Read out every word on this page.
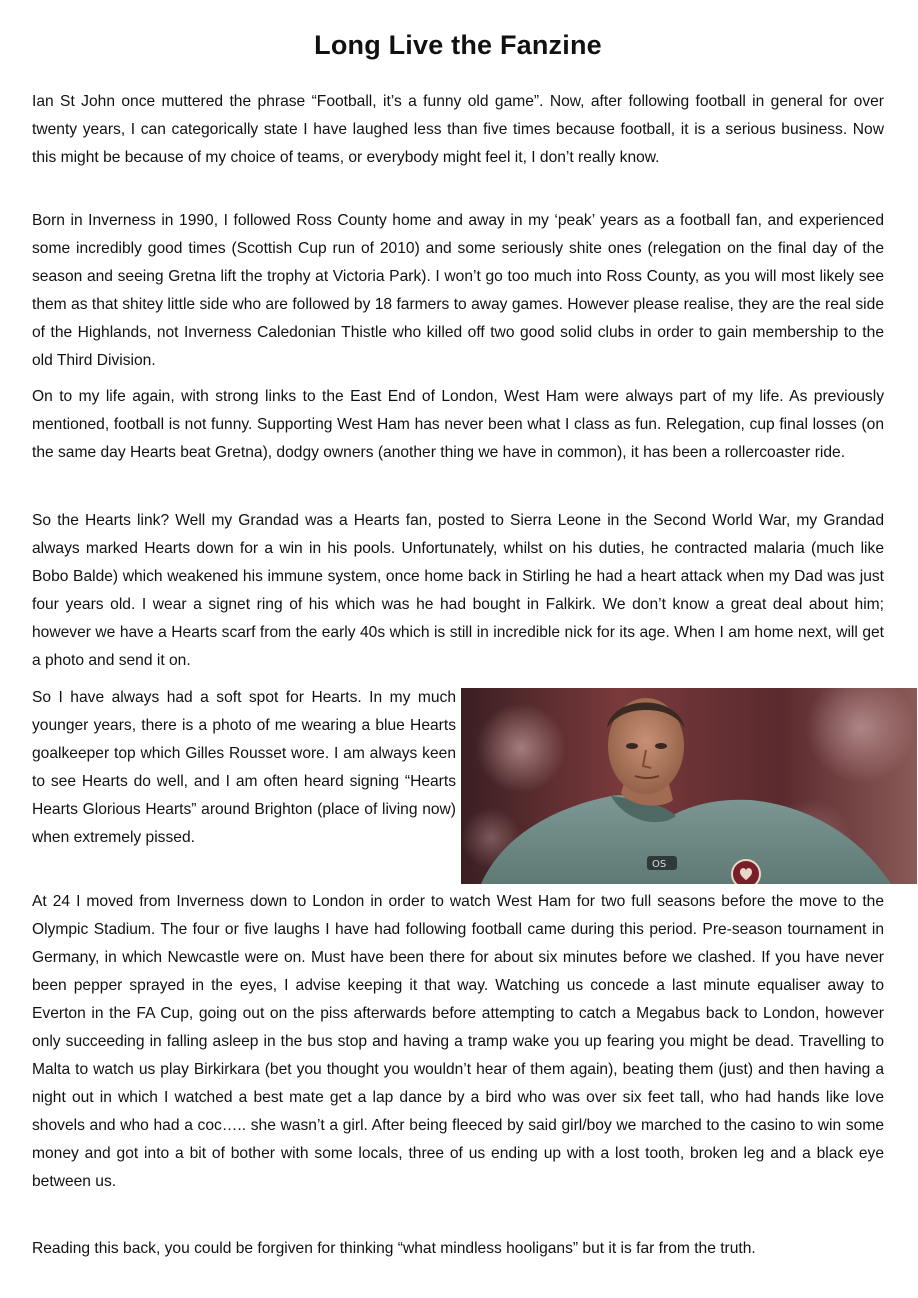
Long Live the Fanzine

Ian St John once muttered the phrase “Football, it’s a funny old game”. Now, after following football in general for over twenty years, I can categorically state I have laughed less than five times because football, it is a serious business. Now this might be because of my choice of teams, or everybody might feel it, I don’t really know.

Born in Inverness in 1990, I followed Ross County home and away in my ‘peak’ years as a football fan, and experienced some incredibly good times (Scottish Cup run of 2010) and some seriously shite ones (relegation on the final day of the season and seeing Gretna lift the trophy at Victoria Park). I won’t go too much into Ross County, as you will most likely see them as that shitey little side who are followed by 18 farmers to away games. However please realise, they are the real side of the Highlands, not Inverness Caledonian Thistle who killed off two good solid clubs in order to gain membership to the old Third Division.

On to my life again, with strong links to the East End of London, West Ham were always part of my life. As previously mentioned, football is not funny. Supporting West Ham has never been what I class as fun. Relegation, cup final losses (on the same day Hearts beat Gretna), dodgy owners (another thing we have in common), it has been a rollercoaster ride.

So the Hearts link? Well my Grandad was a Hearts fan, posted to Sierra Leone in the Second World War, my Grandad always marked Hearts down for a win in his pools. Unfortunately, whilst on his duties, he contracted malaria (much like Bobo Balde) which weakened his immune system, once home back in Stirling he had a heart attack when my Dad was just four years old. I wear a signet ring of his which was he had bought in Falkirk. We don’t know a great deal about him; however we have a Hearts scarf from the early 40s which is still in incredible nick for its age. When I am home next, will get a photo and send it on.

So I have always had a soft spot for Hearts. In my much younger years, there is a photo of me wearing a blue Hearts goalkeeper top which Gilles Rousset wore. I am always keen to see Hearts do well, and I am often heard signing “Hearts Hearts Glorious Hearts” around Brighton (place of living now) when extremely pissed.

At 24 I moved from Inverness down to London in order to watch West Ham for two full seasons before the move to the Olympic Stadium. The four or five laughs I have had following football came during this period. Pre-season tournament in Germany, in which Newcastle were on. Must have been there for about six minutes before we clashed. If you have never been pepper sprayed in the eyes, I advise keeping it that way. Watching us concede a last minute equaliser away to Everton in the FA Cup, going out on the piss afterwards before attempting to catch a Megabus back to London, however only succeeding in falling asleep in the bus stop and having a tramp wake you up fearing you might be dead. Travelling to Malta to watch us play Birkirkara (bet you thought you wouldn’t hear of them again), beating them (just) and then having a night out in which I watched a best mate get a lap dance by a bird who was over six feet tall, who had hands like love shovels and who had a coc….. she wasn’t a girl. After being fleeced by said girl/boy we marched to the casino to win some money and got into a bit of bother with some locals, three of us ending up with a lost tooth, broken leg and a black eye between us.

Reading this back, you could be forgiven for thinking “what mindless hooligans” but it is far from the truth.

OS
